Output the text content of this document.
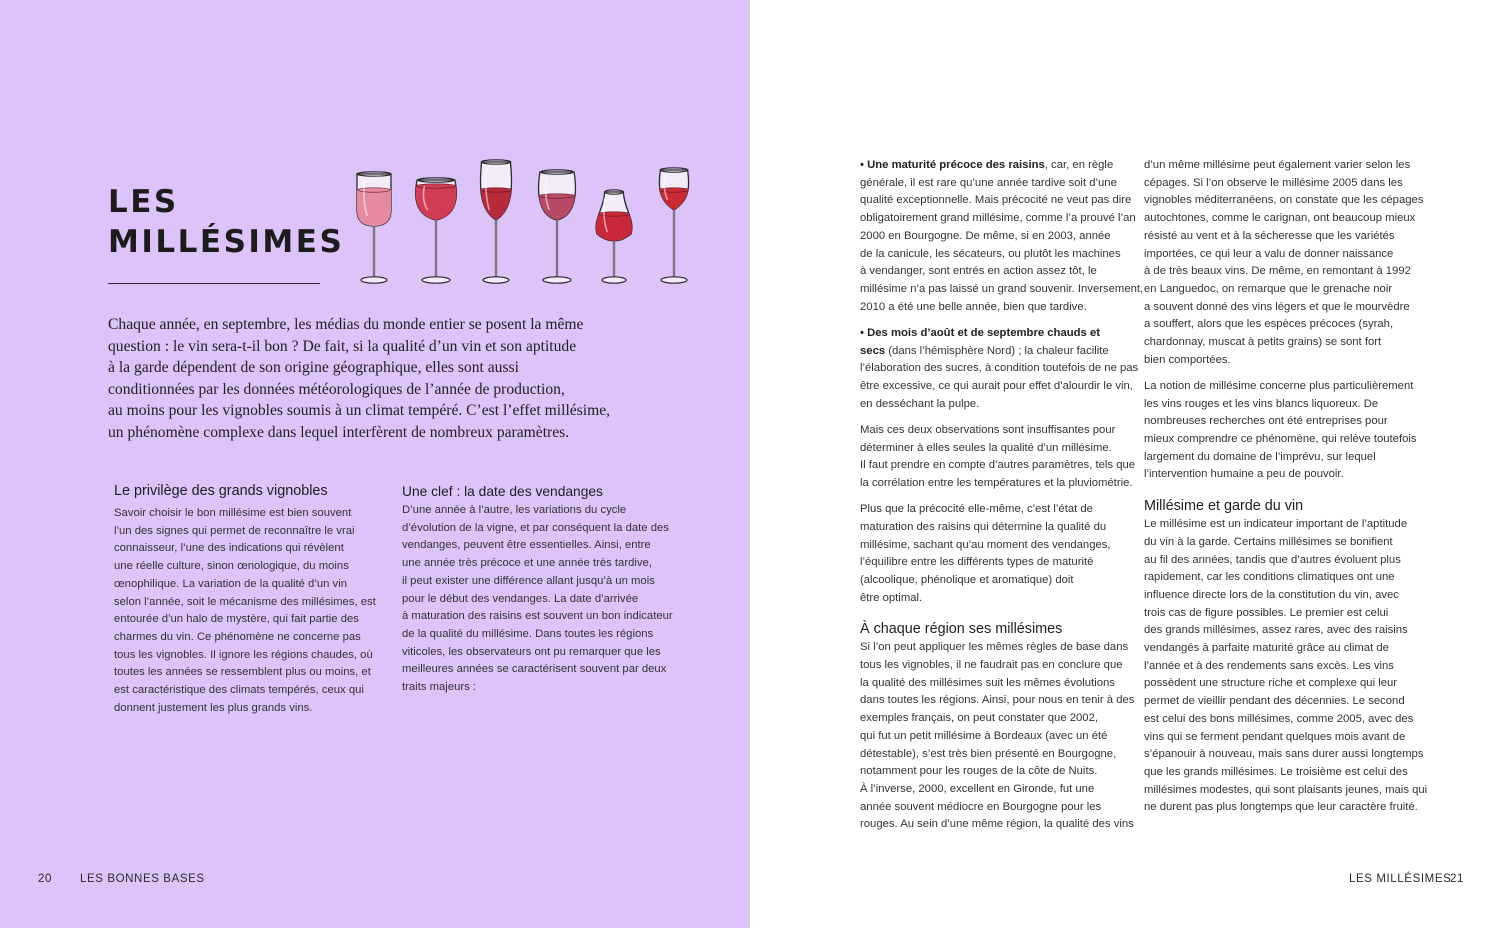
LES
MILLÉSIMES
Chaque année, en septembre, les médias du monde entier se posent la même
question : le vin sera-t-il bon ? De fait, si la qualité d’un vin et son aptitude
à la garde dépendent de son origine géographique, elles sont aussi
conditionnées par les données météorologiques de l’année de production,
au moins pour les vignobles soumis à un climat tempéré. C’est l’effet millésime,
un phénomène complexe dans lequel interfèrent de nombreux paramètres.
Le privilège des grands vignobles
Savoir choisir le bon millésime est bien souvent
l’un des signes qui permet de reconnaître le vrai
connaisseur, l’une des indications qui révèlent
une réelle culture, sinon œnologique, du moins
œnophilique. La variation de la qualité d’un vin
selon l’année, soit le mécanisme des millésimes, est
entourée d’un halo de mystère, qui fait partie des
charmes du vin. Ce phénomène ne concerne pas
tous les vignobles. Il ignore les régions chaudes, où
toutes les années se ressemblent plus ou moins, et
est caractéristique des climats tempérés, ceux qui
donnent justement les plus grands vins.
Une clef : la date des vendanges
D’une année à l’autre, les variations du cycle
d’évolution de la vigne, et par conséquent la date des
vendanges, peuvent être essentielles. Ainsi, entre
une année très précoce et une année très tardive,
il peut exister une différence allant jusqu’à un mois
pour le début des vendanges. La date d’arrivée
à maturation des raisins est souvent un bon indicateur
de la qualité du millésime. Dans toutes les régions
viticoles, les observateurs ont pu remarquer que les
meilleures années se caractérisent souvent par deux
traits majeurs :

• Une maturité précoce des raisins, car, en règle
générale, il est rare qu’une année tardive soit d’une
qualité exceptionnelle. Mais précocité ne veut pas dire
obligatoirement grand millésime, comme l’a prouvé l’an
2000 en Bourgogne. De même, si en 2003, année
de la canicule, les sécateurs, ou plutôt les machines
à vendanger, sont entrés en action assez tôt, le
millésime n’a pas laissé un grand souvenir. Inversement,
2010 a été une belle année, bien que tardive.

• Des mois d’août et de septembre chauds et
secs (dans l’hémisphère Nord) ; la chaleur facilite
l’élaboration des sucres, à condition toutefois de ne pas
être excessive, ce qui aurait pour effet d’alourdir le vin,
en desséchant la pulpe.

Mais ces deux observations sont insuffisantes pour
déterminer à elles seules la qualité d’un millésime.
Il faut prendre en compte d’autres paramètres, tels que
la corrélation entre les températures et la pluviométrie.

Plus que la précocité elle-même, c’est l’état de
maturation des raisins qui détermine la qualité du
millésime, sachant qu’au moment des vendanges,
l’équilibre entre les différents types de maturité
(alcoolique, phénolique et aromatique) doit
être optimal.

À chaque région ses millésimes

Si l’on peut appliquer les mêmes règles de base dans
tous les vignobles, il ne faudrait pas en conclure que
la qualité des millésimes suit les mêmes évolutions
dans toutes les régions. Ainsi, pour nous en tenir à des
exemples français, on peut constater que 2002,
qui fut un petit millésime à Bordeaux (avec un été
détestable), s’est très bien présenté en Bourgogne,
notamment pour les rouges de la côte de Nuits.
À l’inverse, 2000, excellent en Gironde, fut une
année souvent médiocre en Bourgogne pour les
rouges. Au sein d’une même région, la qualité des vins

d’un même millésime peut également varier selon les
cépages. Si l’on observe le millésime 2005 dans les
vignobles méditerranéens, on constate que les cépages
autochtones, comme le carignan, ont beaucoup mieux
résisté au vent et à la sécheresse que les variétés
importées, ce qui leur a valu de donner naissance
à de très beaux vins. De même, en remontant à 1992
en Languedoc, on remarque que le grenache noir
a souvent donné des vins légers et que le mourvèdre
a souffert, alors que les espèces précoces (syrah,
chardonnay, muscat à petits grains) se sont fort
bien comportées.

La notion de millésime concerne plus particulièrement
les vins rouges et les vins blancs liquoreux. De
nombreuses recherches ont été entreprises pour
mieux comprendre ce phénomène, qui relève toutefois
largement du domaine de l’imprévu, sur lequel
l’intervention humaine a peu de pouvoir.

Millésime et garde du vin

Le millésime est un indicateur important de l’aptitude
du vin à la garde. Certains millésimes se bonifient
au fil des années, tandis que d’autres évoluent plus
rapidement, car les conditions climatiques ont une
influence directe lors de la constitution du vin, avec
trois cas de figure possibles. Le premier est celui
des grands millésimes, assez rares, avec des raisins
vendangés à parfaite maturité grâce au climat de
l’année et à des rendements sans excès. Les vins
possèdent une structure riche et complexe qui leur
permet de vieillir pendant des décennies. Le second
est celui des bons millésimes, comme 2005, avec des
vins qui se ferment pendant quelques mois avant de
s’épanouir à nouveau, mais sans durer aussi longtemps
que les grands millésimes. Le troisième est celui des
millésimes modestes, qui sont plaisants jeunes, mais qui
ne durent pas plus longtemps que leur caractère fruité.

20 LES BONNES BASES	LES MILLÉSIMES
21
